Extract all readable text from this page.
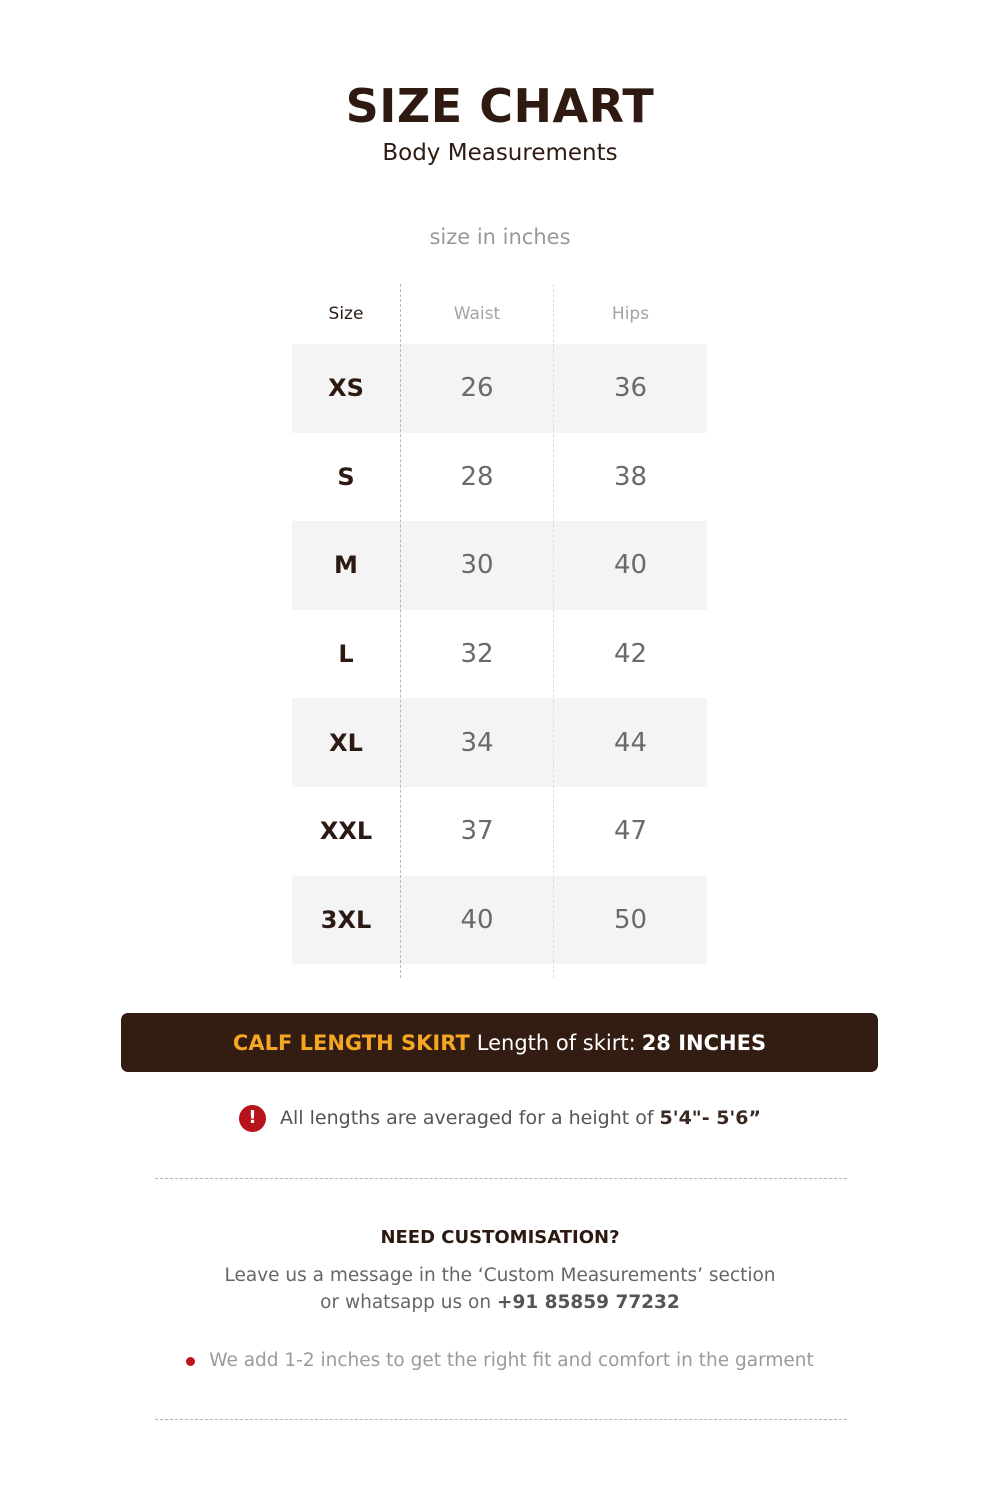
SIZE CHART
Body Measurements
size in inches
Size	Waist	Hips
XS	26	36
S	28	38
M	30	40
L	32	42
XL	34	44
XXL	37	47
3XL	40	50
CALF LENGTH SKIRT Length of skirt: 28 INCHES
!	All lengths are averaged for a height of 5'4"- 5'6”
NEED CUSTOMISATION?
Leave us a message in the ‘Custom Measurements’ section
or whatsapp us on +91 85859 77232
We add 1-2 inches to get the right fit and comfort in the garment
